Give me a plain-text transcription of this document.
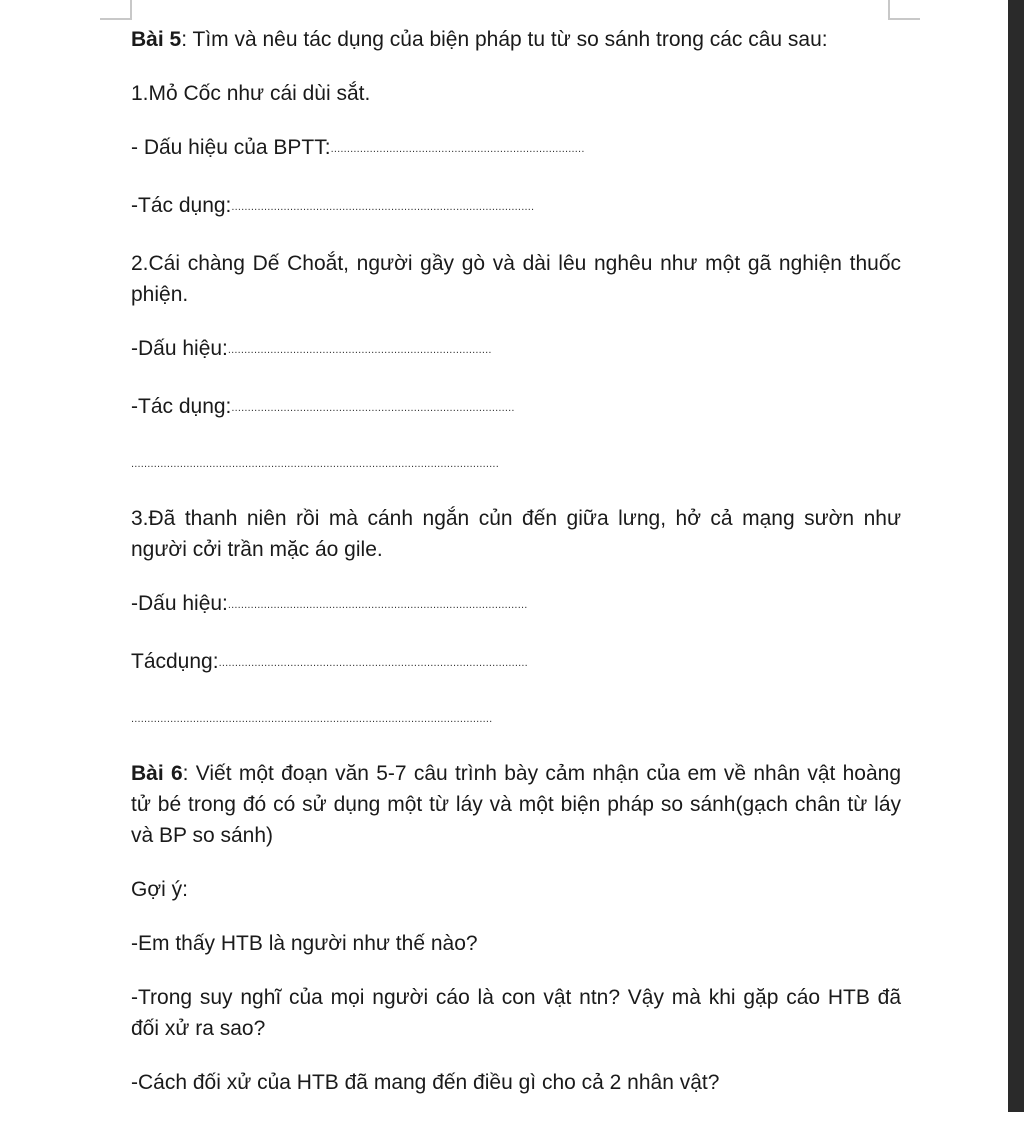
Bài 5: Tìm và nêu tác dụng của biện pháp tu từ so sánh trong các câu sau:

1.Mỏ Cốc như cái dùi sắt.

- Dấu hiệu của BPTT:..............................................................................

-Tác dụng:.............................................................................................

2.Cái chàng Dế Choắt, người gầy gò và dài lêu nghêu như một gã nghiện thuốc phiện.

-Dấu hiệu:.................................................................................

-Tác dụng:.......................................................................................

.................................................................................................................

3.Đã thanh niên rồi mà cánh ngắn củn đến giữa lưng, hở cả mạng sườn như người cởi trần mặc áo gile.

-Dấu hiệu:............................................................................................

Tácdụng:...............................................................................................

...............................................................................................................

Bài 6: Viết một đoạn văn 5-7 câu trình bày cảm nhận của em về nhân vật hoàng tử bé trong đó có sử dụng một từ láy và một biện pháp so sánh(gạch chân từ láy và BP so sánh)

Gợi ý:

-Em thấy HTB là người như thế nào?

-Trong suy nghĩ của mọi người cáo là con vật ntn? Vậy mà khi gặp cáo HTB đã đối xử ra sao?

-Cách đối xử của HTB đã mang đến điều gì cho cả 2 nhân vật?
